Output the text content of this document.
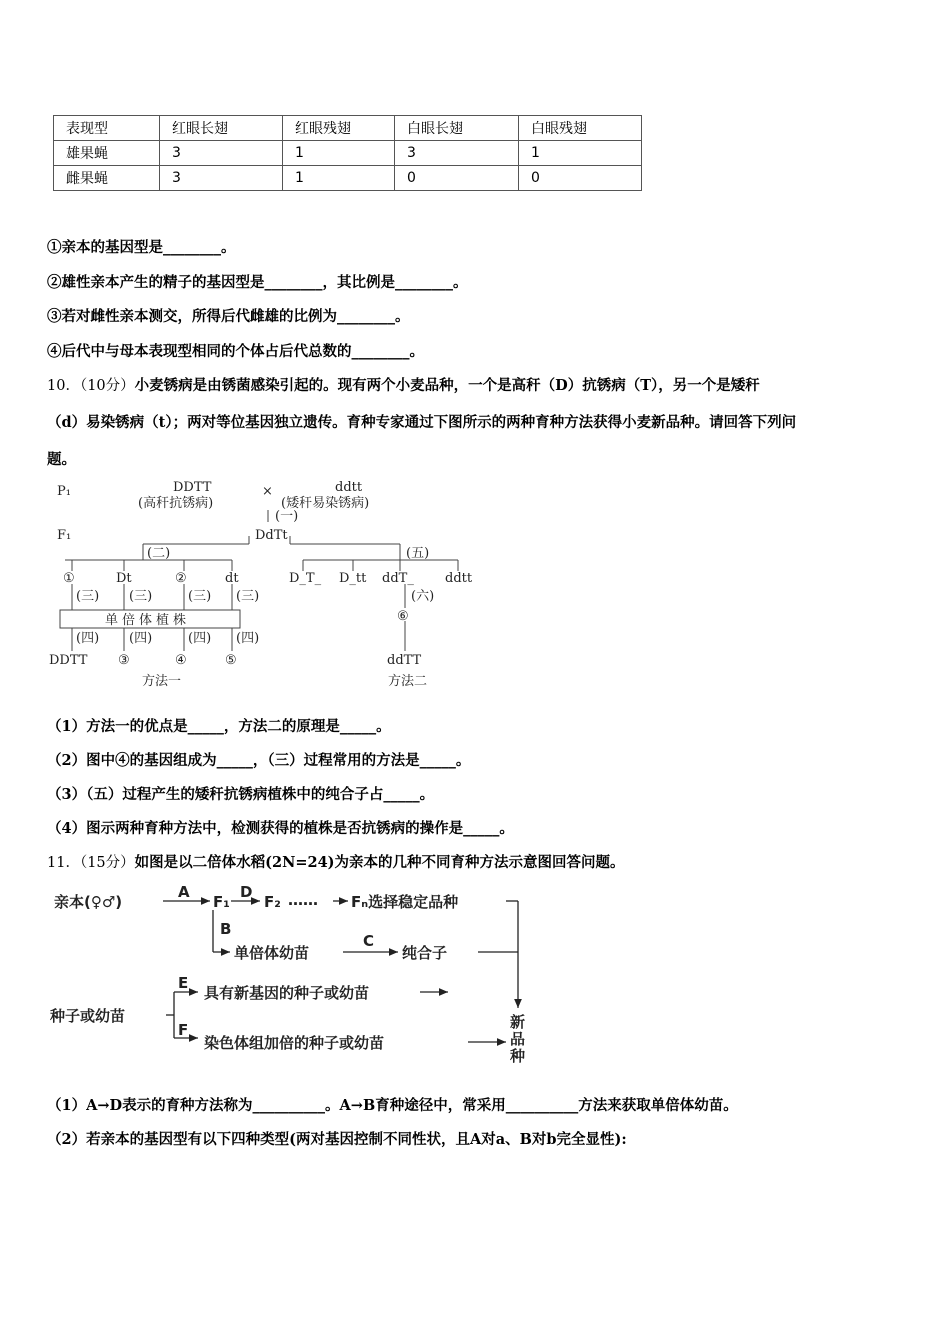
表现型	红眼长翅	红眼残翅	白眼长翅	白眼残翅
雄果蝇	3	1	3	1
雌果蝇	3	1	0	0
①亲本的基因型是________。
②雄性亲本产生的精子的基因型是________，其比例是________。
③若对雌性亲本测交，所得后代雌雄的比例为________。
④后代中与母本表现型相同的个体占后代总数的________。
10．（10分）小麦锈病是由锈菌感染引起的。现有两个小麦品种，一个是高秆（D）抗锈病（T），另一个是矮秆
（d）易染锈病（t）；两对等位基因独立遗传。育种专家通过下图所示的两种育种方法获得小麦新品种。请回答下列问
题。
P₁	DDTT
(高秆抗锈病)
×	ddtt
(矮秆易染锈病)
(一)
F₁	DdTt
(二)	(五)
①	Dt	②	dt
(三) (三)	(三) (三)
单倍体植株
(四) (四)	(四) (四)
DDTT ③	④	⑤
D_T_ D_tt ddT_ ddtt
(六)
⑥
ddTT
方法一	方法二
（1）方法一的优点是_____，方法二的原理是_____。
（2）图中④的基因组成为_____，（三）过程常用的方法是_____。
（3）（五）过程产生的矮秆抗锈病植株中的纯合子占_____。
（4）图示两种育种方法中，检测获得的植株是否抗锈病的操作是_____。
11．（15分）如图是以二倍体水稻(2N=24)为亲本的几种不同育种方法示意图回答问题。
亲本(♀♂)
A
F₁
D
F₂ …… Fₙ选择稳定品种
B
单倍体幼苗
C
纯合子
种子或幼苗
E
具有新基因的种子或幼苗
F
染色体组加倍的种子或幼苗
新
品
种
（1）A→D表示的育种方法称为__________。A→B育种途径中，常采用__________方法来获取单倍体幼苗。
（2）若亲本的基因型有以下四种类型(两对基因控制不同性状，且A对a、B对b完全显性):
